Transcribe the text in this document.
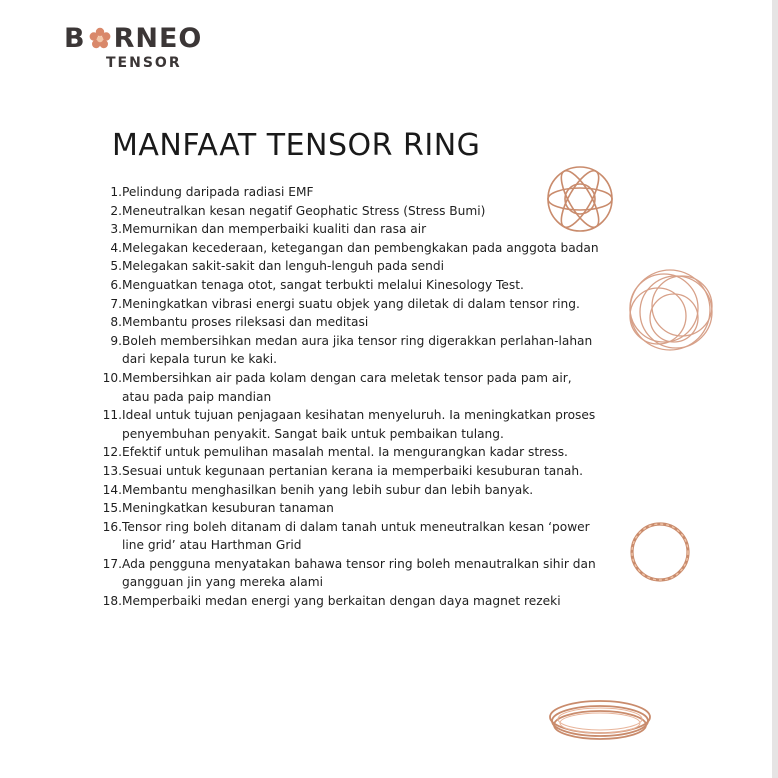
B RNEO
TENSOR
MANFAAT TENSOR RING
1. Pelindung daripada radiasi EMF
2. Meneutralkan kesan negatif Geophatic Stress (Stress Bumi)
3. Memurnikan dan memperbaiki kualiti dan rasa air
4. Melegakan kecederaan, ketegangan dan pembengkakan pada anggota badan
5. Melegakan sakit-sakit dan lenguh-lenguh pada sendi
6. Menguatkan tenaga otot, sangat terbukti melalui Kinesology Test.
7. Meningkatkan vibrasi energi suatu objek yang diletak di dalam tensor ring.
8. Membantu proses rileksasi dan meditasi
9. Boleh membersihkan medan aura jika tensor ring digerakkan perlahan-lahan dari kepala turun ke kaki.
10. Membersihkan air pada kolam dengan cara meletak tensor pada pam air, atau pada paip mandian
11. Ideal untuk tujuan penjagaan kesihatan menyeluruh. Ia meningkatkan proses penyembuhan penyakit. Sangat baik untuk pembaikan tulang.
12. Efektif untuk pemulihan masalah mental. Ia mengurangkan kadar stress.
13. Sesuai untuk kegunaan pertanian kerana ia memperbaiki kesuburan tanah.
14. Membantu menghasilkan benih yang lebih subur dan lebih banyak.
15. Meningkatkan kesuburan tanaman
16. Tensor ring boleh ditanam di dalam tanah untuk meneutralkan kesan ‘power line grid’ atau Harthman Grid
17. Ada pengguna menyatakan bahawa tensor ring boleh menautralkan sihir dan gangguan jin yang mereka alami
18. Memperbaiki medan energi yang berkaitan dengan daya magnet rezeki
